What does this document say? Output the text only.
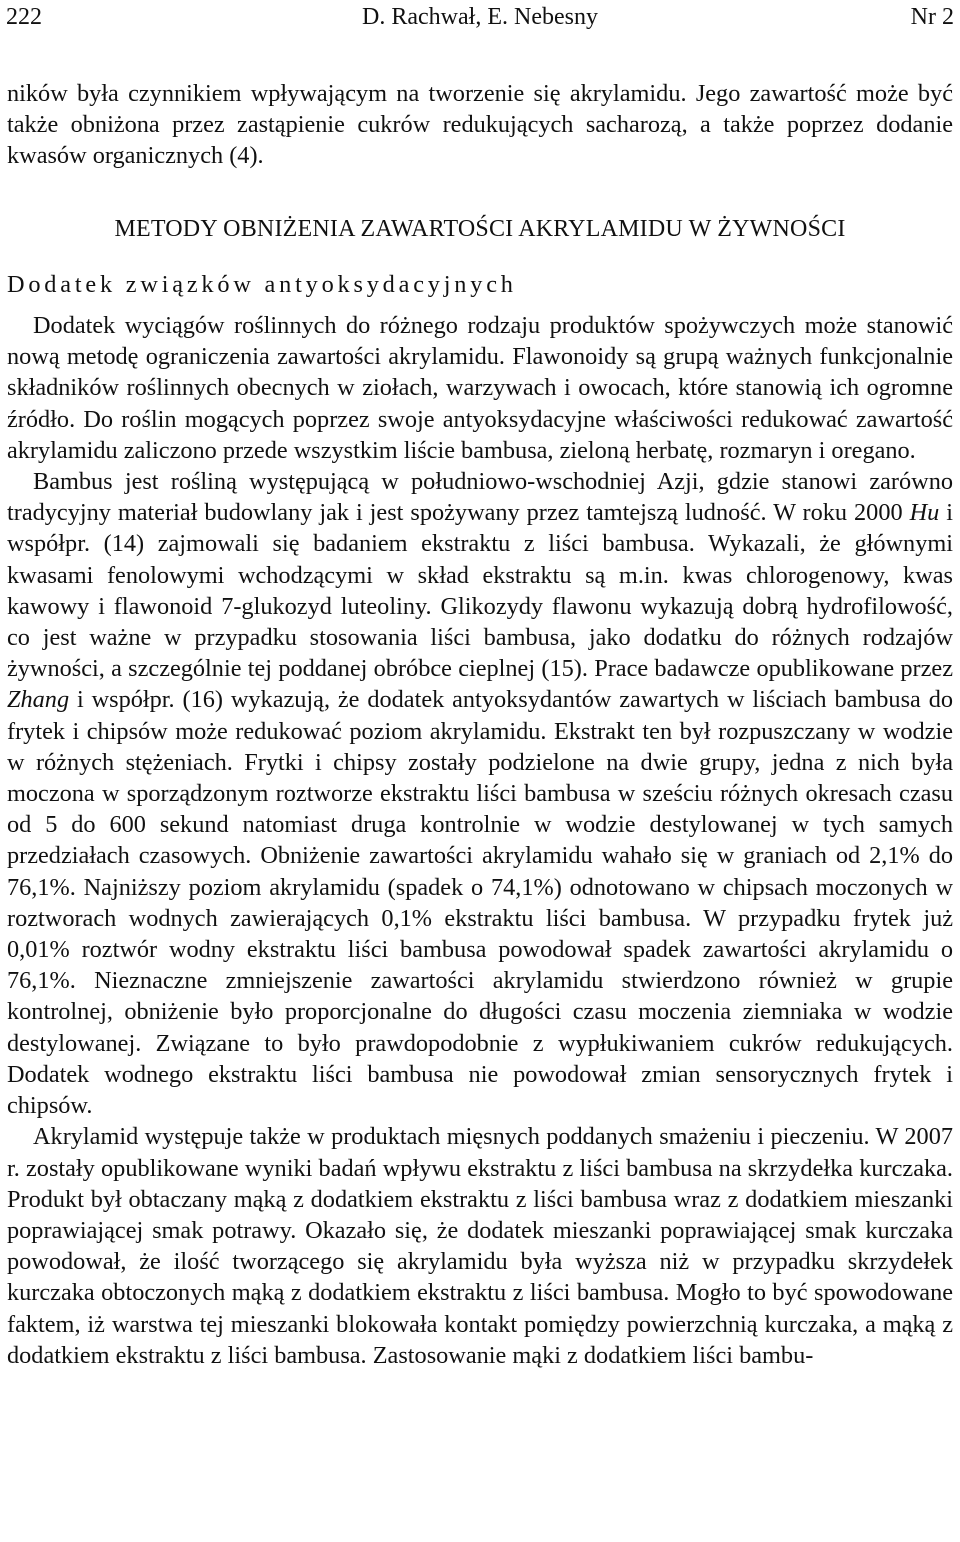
222	D. Rachwał, E. Nebesny	Nr 2

ników była czynnikiem wpływającym na tworzenie się akrylamidu. Jego zawartość może być także obniżona przez zastąpienie cukrów redukujących sacharozą, a także poprzez dodanie kwasów organicznych (4).

METODY OBNIŻENIA ZAWARTOŚCI AKRYLAMIDU W ŻYWNOŚCI

Dodatek związków antyoksydacyjnych

Dodatek wyciągów roślinnych do różnego rodzaju produktów spożywczych może stanowić nową metodę ograniczenia zawartości akrylamidu. Flawonoidy są grupą ważnych funkcjonalnie składników roślinnych obecnych w ziołach, warzywach i owocach, które stanowią ich ogromne źródło. Do roślin mogących poprzez swoje antyoksydacyjne właściwości redukować zawartość akrylamidu zaliczono przede wszystkim liście bambusa, zieloną herbatę, rozmaryn i oregano.

Bambus jest rośliną występującą w południowo-wschodniej Azji, gdzie stanowi zarówno tradycyjny materiał budowlany jak i jest spożywany przez tamtejszą ludność. W roku 2000 Hu i współpr. (14) zajmowali się badaniem ekstraktu z liści bambusa. Wykazali, że głównymi kwasami fenolowymi wchodzącymi w skład ekstraktu są m.in. kwas chlorogenowy, kwas kawowy i flawonoid 7-glukozyd luteoliny. Glikozydy flawonu wykazują dobrą hydrofilowość, co jest ważne w przypadku stosowania liści bambusa, jako dodatku do różnych rodzajów żywności, a szczególnie tej poddanej obróbce cieplnej (15). Prace badawcze opublikowane przez Zhang i współpr. (16) wykazują, że dodatek antyoksydantów zawartych w liściach bambusa do frytek i chipsów może redukować poziom akrylamidu. Ekstrakt ten był rozpuszczany w wodzie w różnych stężeniach. Frytki i chipsy zostały podzielone na dwie grupy, jedna z nich była moczona w sporządzonym roztworze ekstraktu liści bambusa w sześciu różnych okresach czasu od 5 do 600 sekund natomiast druga kontrolnie w wodzie destylowanej w tych samych przedziałach czasowych. Obniżenie zawartości akrylamidu wahało się w graniach od 2,1% do 76,1%. Najniższy poziom akrylamidu (spadek o 74,1%) odnotowano w chipsach moczonych w roztworach wodnych zawierających 0,1% ekstraktu liści bambusa. W przypadku frytek już 0,01% roztwór wodny ekstraktu liści bambusa powodował spadek zawartości akrylamidu o 76,1%. Nieznaczne zmniejszenie zawartości akrylamidu stwierdzono również w grupie kontrolnej, obniżenie było proporcjonalne do długości czasu moczenia ziemniaka w wodzie destylowanej. Związane to było prawdopodobnie z wypłukiwaniem cukrów redukujących. Dodatek wodnego ekstraktu liści bambusa nie powodował zmian sensorycznych frytek i chipsów.

Akrylamid występuje także w produktach mięsnych poddanych smażeniu i pieczeniu. W 2007 r. zostały opublikowane wyniki badań wpływu ekstraktu z liści bambusa na skrzydełka kurczaka. Produkt był obtaczany mąką z dodatkiem ekstraktu z liści bambusa wraz z dodatkiem mieszanki poprawiającej smak potrawy. Okazało się, że dodatek mieszanki poprawiającej smak kurczaka powodował, że ilość tworzącego się akrylamidu była wyższa niż w przypadku skrzydełek kurczaka obtoczonych mąką z dodatkiem ekstraktu z liści bambusa. Mogło to być spowodowane faktem, iż warstwa tej mieszanki blokowała kontakt pomiędzy powierzchnią kurczaka, a mąką z dodatkiem ekstraktu z liści bambusa. Zastosowanie mąki z dodatkiem liści bambu-
